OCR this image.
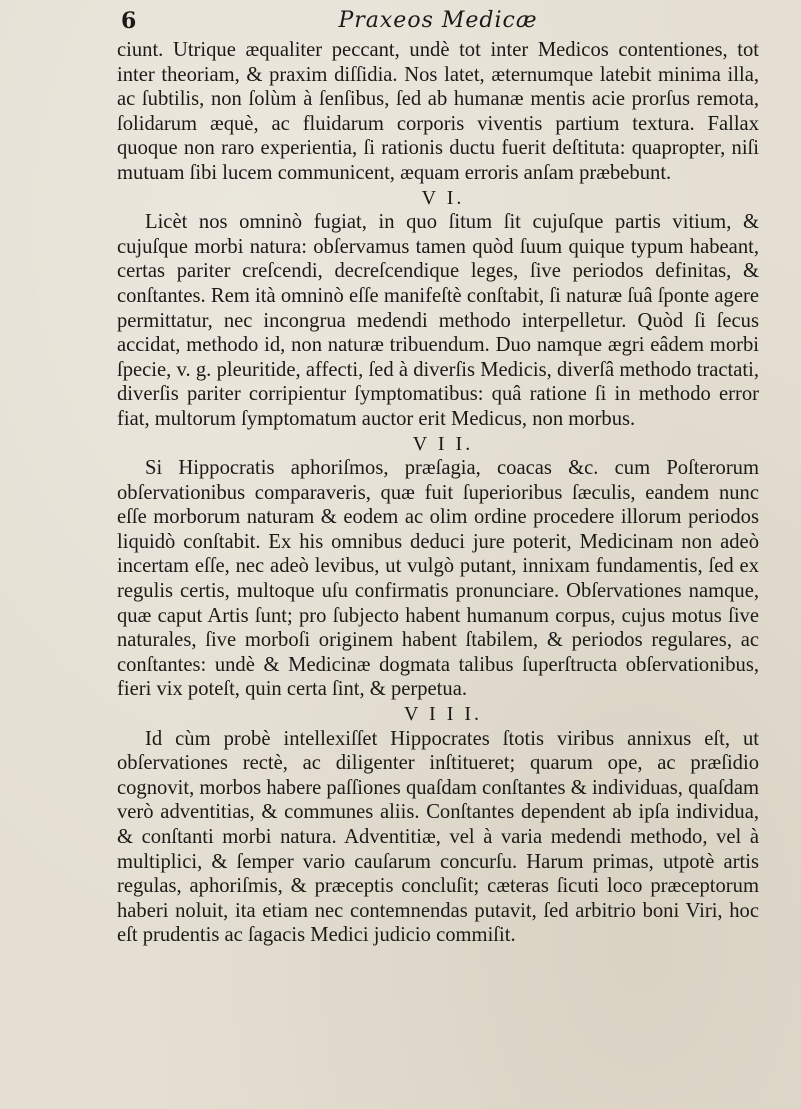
6	Praxeos Medicæ

ciunt. Utrique æqualiter peccant, undè tot inter Medicos contentiones, tot inter theoriam, & praxim diſſidia. Nos latet, æternumque latebit minima illa, ac ſubtilis, non ſolùm à ſenſibus, ſed ab humanæ mentis acie prorſus remota, ſolidarum æquè, ac fluidarum corporis viventis partium textura. Fallax quoque non raro experientia, ſi rationis ductu fuerit deſtituta: quapropter, niſi mutuam ſibi lucem communicent, æquam erroris anſam præbebunt.

V I.

Licèt nos omninò fugiat, in quo ſitum ſit cujuſque partis vitium, & cujuſque morbi natura: obſervamus tamen quòd ſuum quique typum habeant, certas pariter creſcendi, decreſcendique leges, ſive periodos definitas, & conſtantes. Rem ità omninò eſſe manifeſtè conſtabit, ſi naturæ ſuâ ſponte agere permittatur, nec incongrua medendi methodo interpelletur. Quòd ſi ſecus accidat, methodo id, non naturæ tribuendum. Duo namque ægri eâdem morbi ſpecie, v. g. pleuritide, affecti, ſed à diverſis Medicis, diverſâ methodo tractati, diverſis pariter corripientur ſymptomatibus: quâ ratione ſi in methodo error fiat, multorum ſymptomatum auctor erit Medicus, non morbus.

V I I.

Si Hippocratis aphoriſmos, præſagia, coacas &c. cum Poſterorum obſervationibus comparaveris, quæ fuit ſuperioribus ſæculis, eandem nunc eſſe morborum naturam & eodem ac olim ordine procedere illorum periodos liquidò conſtabit. Ex his omnibus deduci jure poterit, Medicinam non adeò incertam eſſe, nec adeò levibus, ut vulgò putant, innixam fundamentis, ſed ex regulis certis, multoque uſu confirmatis pronunciare. Obſervationes namque, quæ caput Artis ſunt; pro ſubjecto habent humanum corpus, cujus motus ſive naturales, ſive morboſi originem habent ſtabilem, & periodos regulares, ac conſtantes: undè & Medicinæ dogmata talibus ſuperſtructa obſervationibus, fieri vix poteſt, quin certa ſint, & perpetua.

V I I I.

Id cùm probè intellexiſſet Hippocrates ſtotis viribus annixus eſt, ut obſervationes rectè, ac diligenter inſtitueret; quarum ope, ac præſidio cognovit, morbos habere paſſiones quaſdam conſtantes & individuas, quaſdam verò adventitias, & communes aliis. Conſtantes dependent ab ipſa individua, & conſtanti morbi natura. Adventitiæ, vel à varia medendi methodo, vel à multiplici, & ſemper vario cauſarum concurſu. Harum primas, utpotè artis regulas, aphoriſmis, & præceptis concluſit; cæteras ſicuti loco præceptorum haberi noluit, ita etiam nec contemnendas putavit, ſed arbitrio boni Viri, hoc eſt prudentis ac ſagacis Medici judicio commiſit.
